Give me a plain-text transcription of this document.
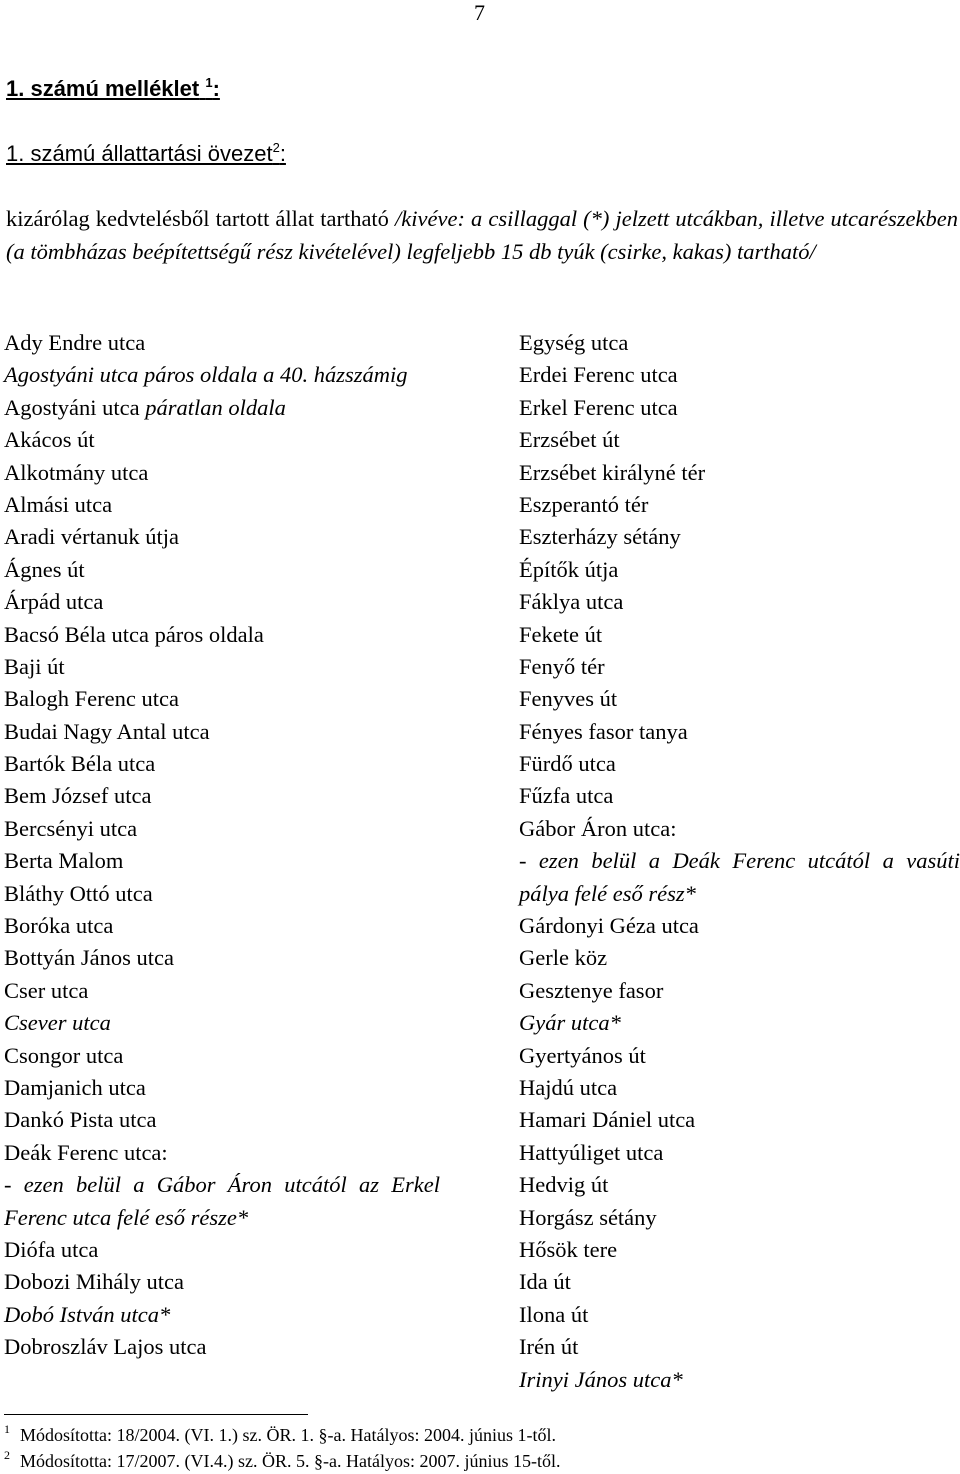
7
1. számú melléklet $^1$:
1. számú állattartási övezet$^2$:

kizárólag kedvtelésből tartott állat tartható /kivéve: a csillaggal (*) jelzett utcákban, illetve utcarészekben (a tömbházas beépítettségű rész kivételével) legfeljebb 15 db tyúk (csirke, kakas) tartható/

Ady Endre utca
Agostyáni utca páros oldala a 40. házszámig
Agostyáni utca páratlan oldala
Akácos út
Alkotmány utca
Almási utca
Aradi vértanuk útja
Ágnes út
Árpád utca
Bacsó Béla utca páros oldala
Baji út
Balogh Ferenc utca
Budai Nagy Antal utca
Bartók Béla utca
Bem József utca
Bercsényi utca
Berta Malom
Bláthy Ottó utca
Boróka utca
Bottyán János utca
Cser utca
Csever utca
Csongor utca
Damjanich utca
Dankó Pista utca
Deák Ferenc utca:
- ezen belül a Gábor Áron utcától az Erkel Ferenc utca felé eső része*
Diófa utca
Dobozi Mihály utca
Dobó István utca*
Dobroszláv Lajos utca
Egység utca
Erdei Ferenc utca
Erkel Ferenc utca
Erzsébet út
Erzsébet királyné tér
Eszperantó tér
Eszterházy sétány
Építők útja
Fáklya utca
Fekete út
Fenyő tér
Fenyves út
Fényes fasor tanya
Fürdő utca
Fűzfa utca
Gábor Áron utca:
- ezen belül a Deák Ferenc utcától a vasúti pálya felé eső rész*
Gárdonyi Géza utca
Gerle köz
Gesztenye fasor
Gyár utca*
Gyertyános út
Hajdú utca
Hamari Dániel utca
Hattyúliget utca
Hedvig út
Horgász sétány
Hősök tere
Ida út
Ilona út
Irén út
Irinyi János utca*
$^1$ Módosította: 18/2004. (VI. 1.) sz. ÖR. 1. §-a. Hatályos: 2004. június 1-től.
$^2$ Módosította: 17/2007. (VI.4.) sz. ÖR. 5. §-a. Hatályos: 2007. június 15-től.
